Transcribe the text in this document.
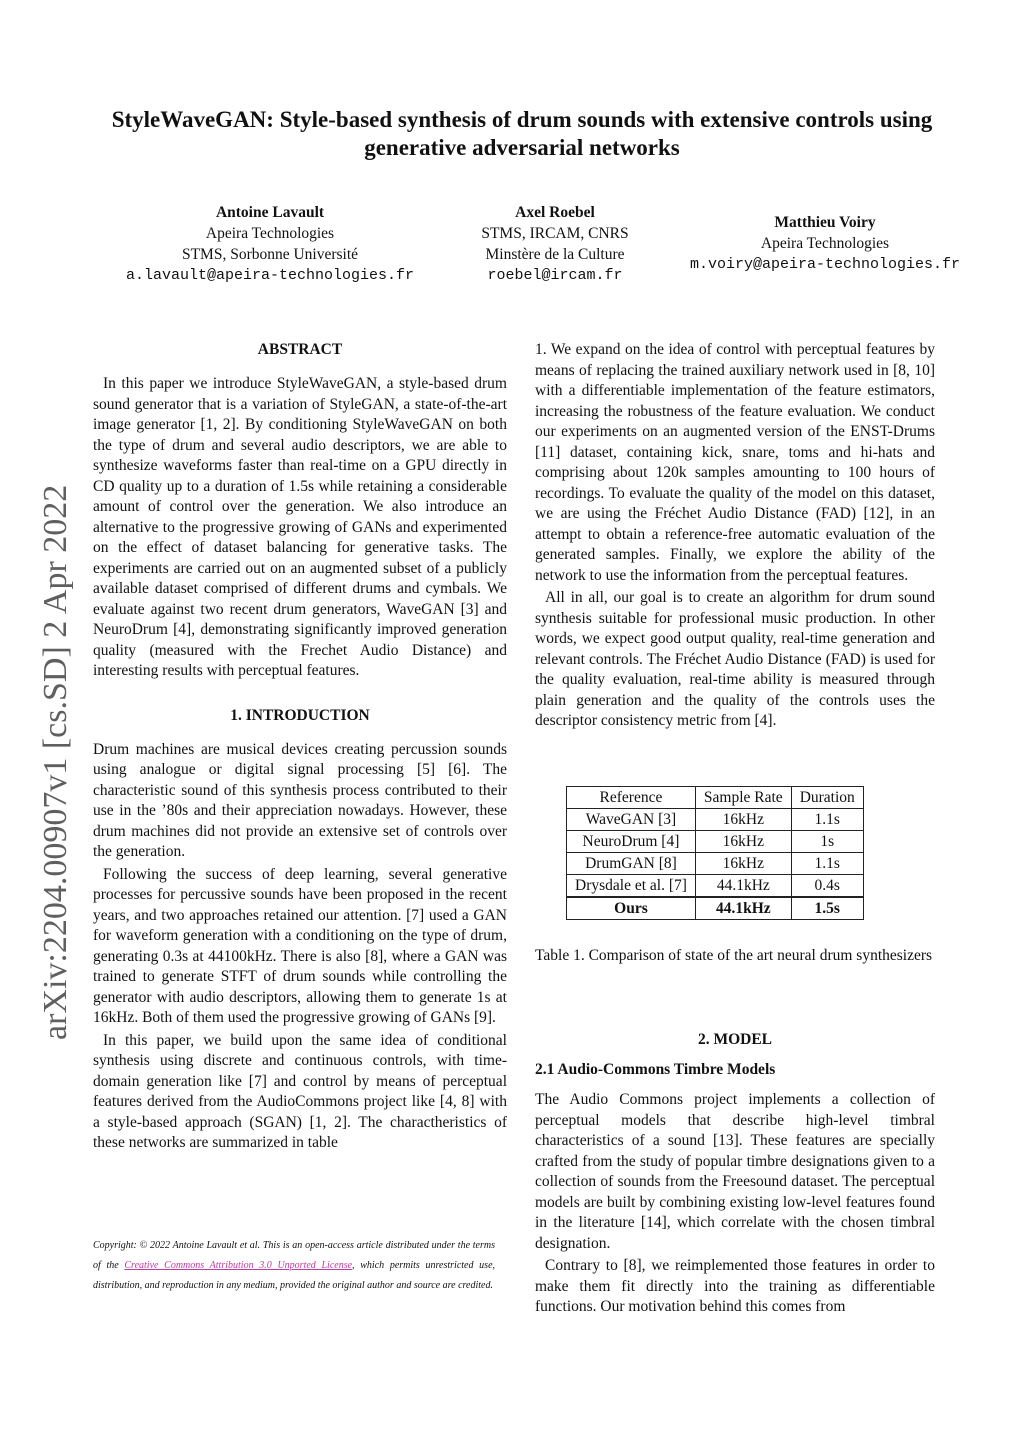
StyleWaveGAN: Style-based synthesis of drum sounds with extensive controls using generative adversarial networks
Antoine Lavault
Apeira Technologies
STMS, Sorbonne Université
a.lavault@apeira-technologies.fr
Axel Roebel
STMS, IRCAM, CNRS
Minstère de la Culture
roebel@ircam.fr
Matthieu Voiry
Apeira Technologies
m.voiry@apeira-technologies.fr
arXiv:2204.00907v1 [cs.SD] 2 Apr 2022
ABSTRACT

In this paper we introduce StyleWaveGAN, a style-based drum sound generator that is a variation of StyleGAN, a state-of-the-art image generator [1, 2]. By conditioning StyleWaveGAN on both the type of drum and several audio descriptors, we are able to synthesize waveforms faster than real-time on a GPU directly in CD quality up to a duration of 1.5s while retaining a considerable amount of control over the generation. We also introduce an alternative to the progressive growing of GANs and experimented on the effect of dataset balancing for generative tasks. The experiments are carried out on an augmented subset of a publicly available dataset comprised of different drums and cymbals. We evaluate against two recent drum generators, WaveGAN [3] and NeuroDrum [4], demonstrating significantly improved generation quality (measured with the Frechet Audio Distance) and interesting results with perceptual features.

1. INTRODUCTION

Drum machines are musical devices creating percussion sounds using analogue or digital signal processing [5] [6]. The characteristic sound of this synthesis process contributed to their use in the ’80s and their appreciation nowadays. However, these drum machines did not provide an extensive set of controls over the generation.

Following the success of deep learning, several generative processes for percussive sounds have been proposed in the recent years, and two approaches retained our attention. [7] used a GAN for waveform generation with a conditioning on the type of drum, generating 0.3s at 44100kHz. There is also [8], where a GAN was trained to generate STFT of drum sounds while controlling the generator with audio descriptors, allowing them to generate 1s at 16kHz. Both of them used the progressive growing of GANs [9].

In this paper, we build upon the same idea of conditional synthesis using discrete and continuous controls, with time-domain generation like [7] and control by means of perceptual features derived from the AudioCommons project like [4, 8] with a style-based approach (SGAN) [1, 2]. The charactheristics of these networks are summarized in table

Copyright: © 2022 Antoine Lavault et al. This is an open-access article distributed under the terms of the Creative Commons Attribution 3.0 Unported License, which permits unrestricted use, distribution, and reproduction in any medium, provided the original author and source are credited.

1. We expand on the idea of control with perceptual features by means of replacing the trained auxiliary network used in [8, 10] with a differentiable implementation of the feature estimators, increasing the robustness of the feature evaluation. We conduct our experiments on an augmented version of the ENST-Drums [11] dataset, containing kick, snare, toms and hi-hats and comprising about 120k samples amounting to 100 hours of recordings. To evaluate the quality of the model on this dataset, we are using the Fréchet Audio Distance (FAD) [12], in an attempt to obtain a reference-free automatic evaluation of the generated samples. Finally, we explore the ability of the network to use the information from the perceptual features.

All in all, our goal is to create an algorithm for drum sound synthesis suitable for professional music production. In other words, we expect good output quality, real-time generation and relevant controls. The Fréchet Audio Distance (FAD) is used for the quality evaluation, real-time ability is measured through plain generation and the quality of the controls uses the descriptor consistency metric from [4].

Reference	Sample Rate	Duration
WaveGAN [3]	16kHz	1.1s
NeuroDrum [4]	16kHz	1s
DrumGAN [8]	16kHz	1.1s
Drysdale et al. [7]	44.1kHz	0.4s
Ours	44.1kHz	1.5s
Table 1. Comparison of state of the art neural drum synthesizers
2. MODEL
2.1 Audio-Commons Timbre Models

The Audio Commons project implements a collection of perceptual models that describe high-level timbral characteristics of a sound [13]. These features are specially crafted from the study of popular timbre designations given to a collection of sounds from the Freesound dataset. The perceptual models are built by combining existing low-level features found in the literature [14], which correlate with the chosen timbral designation.

Contrary to [8], we reimplemented those features in order to make them fit directly into the training as differentiable functions. Our motivation behind this comes from
